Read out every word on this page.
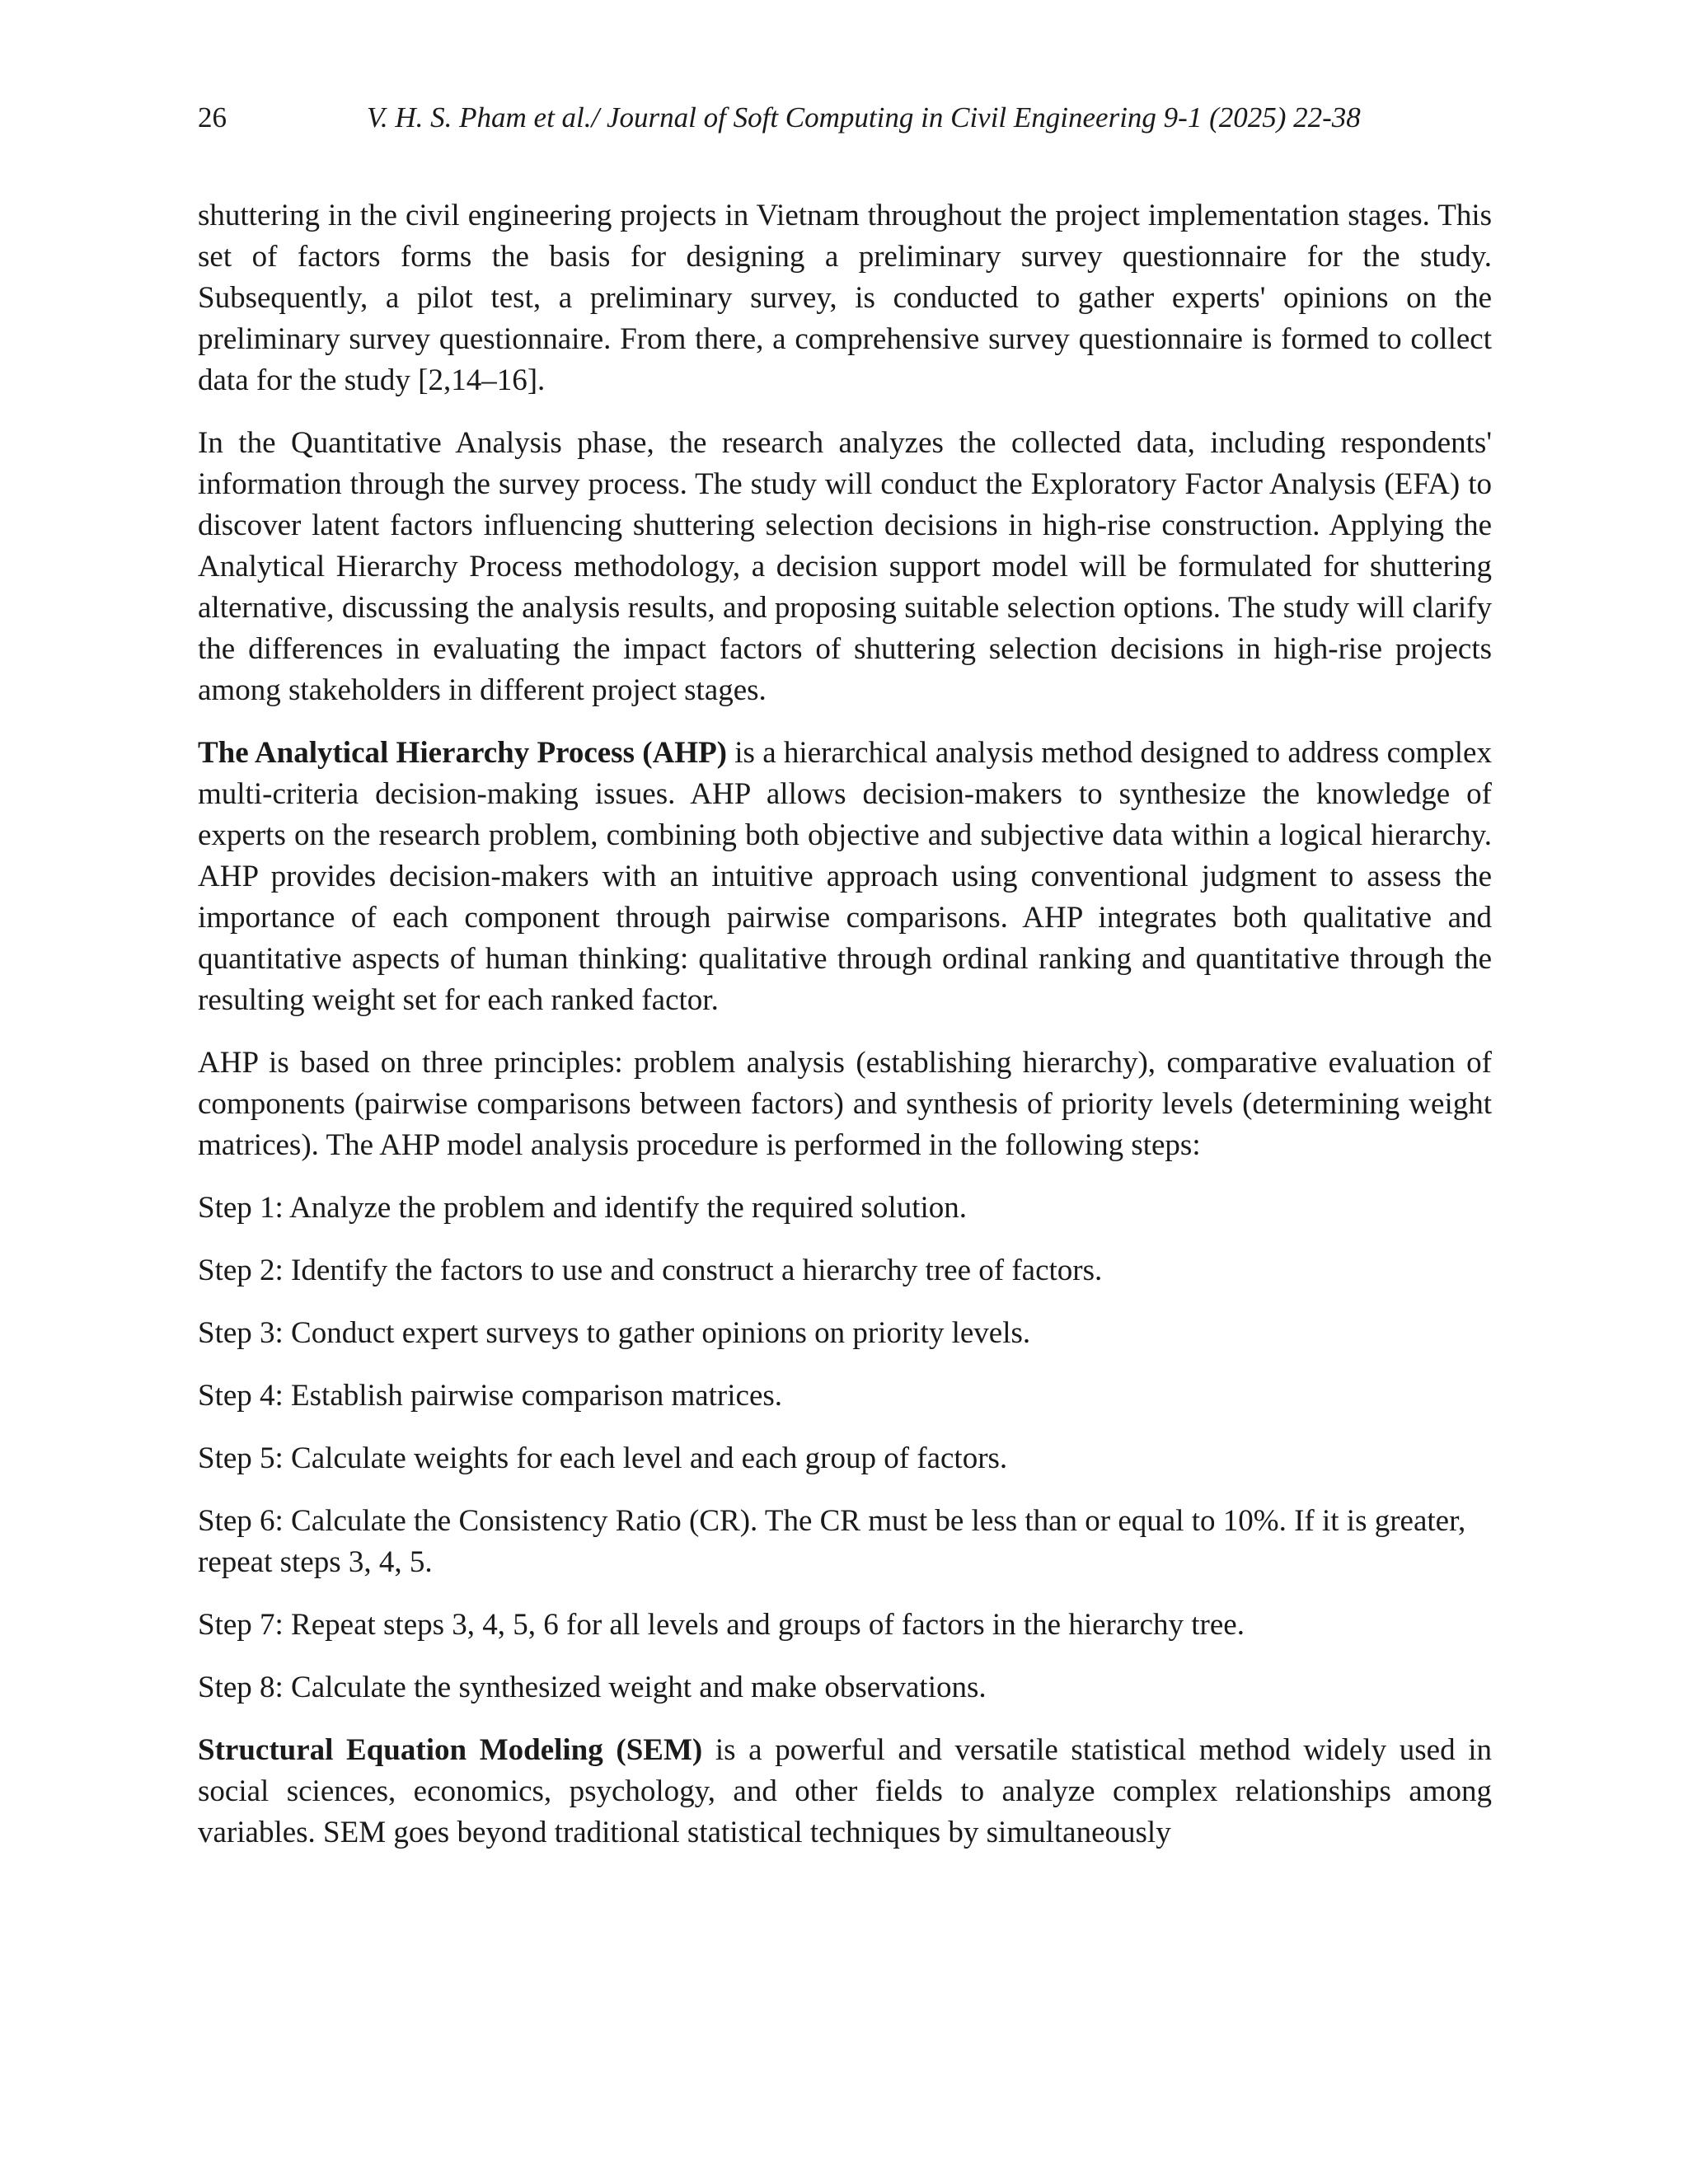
26	V. H. S. Pham et al./ Journal of Soft Computing in Civil Engineering 9-1 (2025) 22-38

shuttering in the civil engineering projects in Vietnam throughout the project implementation stages. This set of factors forms the basis for designing a preliminary survey questionnaire for the study. Subsequently, a pilot test, a preliminary survey, is conducted to gather experts' opinions on the preliminary survey questionnaire. From there, a comprehensive survey questionnaire is formed to collect data for the study [2,14–16].

In the Quantitative Analysis phase, the research analyzes the collected data, including respondents' information through the survey process. The study will conduct the Exploratory Factor Analysis (EFA) to discover latent factors influencing shuttering selection decisions in high-rise construction. Applying the Analytical Hierarchy Process methodology, a decision support model will be formulated for shuttering alternative, discussing the analysis results, and proposing suitable selection options. The study will clarify the differences in evaluating the impact factors of shuttering selection decisions in high-rise projects among stakeholders in different project stages.

The Analytical Hierarchy Process (AHP) is a hierarchical analysis method designed to address complex multi-criteria decision-making issues. AHP allows decision-makers to synthesize the knowledge of experts on the research problem, combining both objective and subjective data within a logical hierarchy. AHP provides decision-makers with an intuitive approach using conventional judgment to assess the importance of each component through pairwise comparisons. AHP integrates both qualitative and quantitative aspects of human thinking: qualitative through ordinal ranking and quantitative through the resulting weight set for each ranked factor.

AHP is based on three principles: problem analysis (establishing hierarchy), comparative evaluation of components (pairwise comparisons between factors) and synthesis of priority levels (determining weight matrices). The AHP model analysis procedure is performed in the following steps:

Step 1: Analyze the problem and identify the required solution.

Step 2: Identify the factors to use and construct a hierarchy tree of factors.

Step 3: Conduct expert surveys to gather opinions on priority levels.

Step 4: Establish pairwise comparison matrices.

Step 5: Calculate weights for each level and each group of factors.

Step 6: Calculate the Consistency Ratio (CR). The CR must be less than or equal to 10%. If it is greater, repeat steps 3, 4, 5.

Step 7: Repeat steps 3, 4, 5, 6 for all levels and groups of factors in the hierarchy tree.

Step 8: Calculate the synthesized weight and make observations.

Structural Equation Modeling (SEM) is a powerful and versatile statistical method widely used in social sciences, economics, psychology, and other fields to analyze complex relationships among variables. SEM goes beyond traditional statistical techniques by simultaneously
